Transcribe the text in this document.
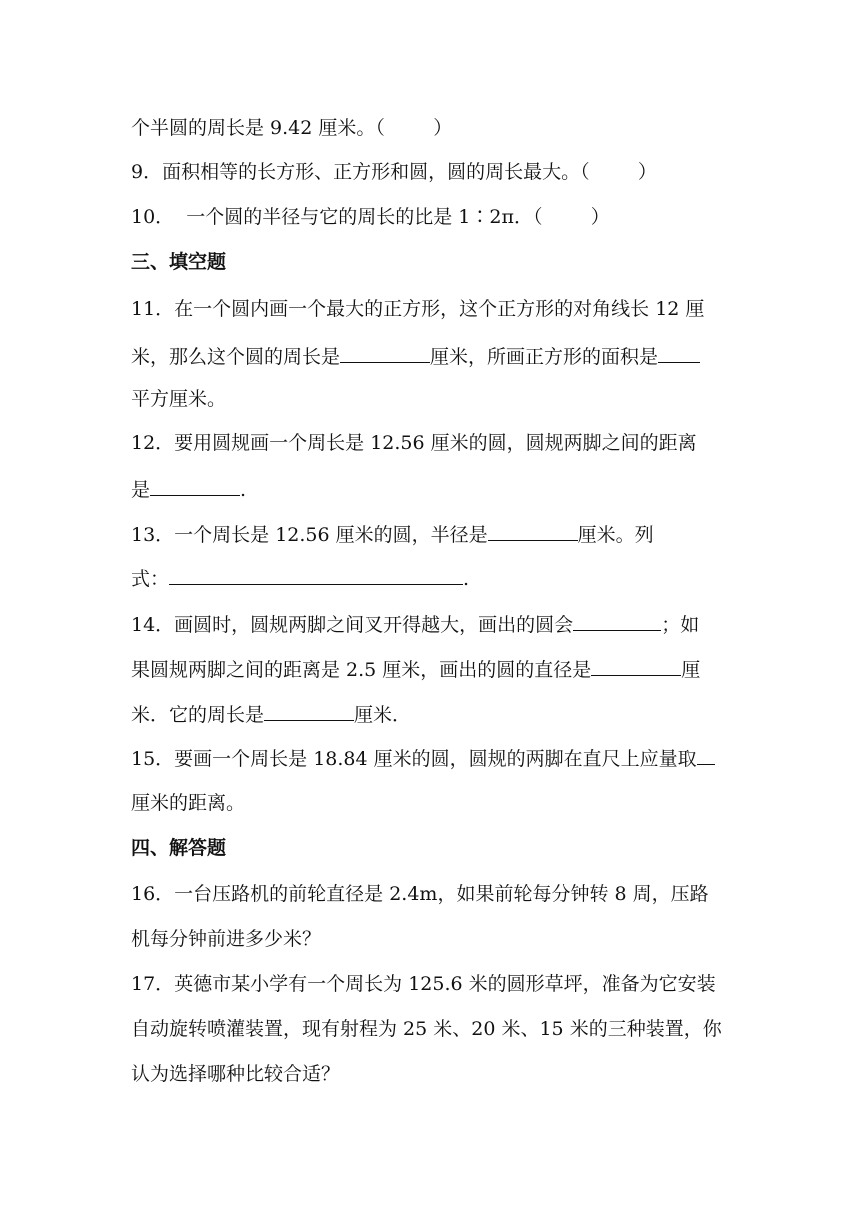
个半圆的周长是 9.42 厘米。（        ）
9．面积相等的长方形、正方形和圆，圆的周长最大。（        ）
10．  一个圆的半径与它的周长的比是 1∶2π．（        ）
三、填空题
11．在一个圆内画一个最大的正方形，这个正方形的对角线长 12 厘
米，那么这个圆的周长是	厘米，所画正方形的面积是
平方厘米。
12．要用圆规画一个周长是 12.56 厘米的圆，圆规两脚之间的距离
是	.
13．一个周长是 12.56 厘米的圆，半径是	厘米。列
式：	.
14．画圆时，圆规两脚之间叉开得越大，画出的圆会	；如
果圆规两脚之间的距离是 2.5 厘米，画出的圆的直径是	厘
米．它的周长是	厘米．
15．要画一个周长是 18.84 厘米的圆，圆规的两脚在直尺上应量取
厘米的距离。
四、解答题
16．一台压路机的前轮直径是 2.4m，如果前轮每分钟转 8 周，压路
机每分钟前进多少米？
17．英德市某小学有一个周长为 125.6 米的圆形草坪，准备为它安装
自动旋转喷灌装置，现有射程为 25 米、20 米、15 米的三种装置，你
认为选择哪种比较合适？
